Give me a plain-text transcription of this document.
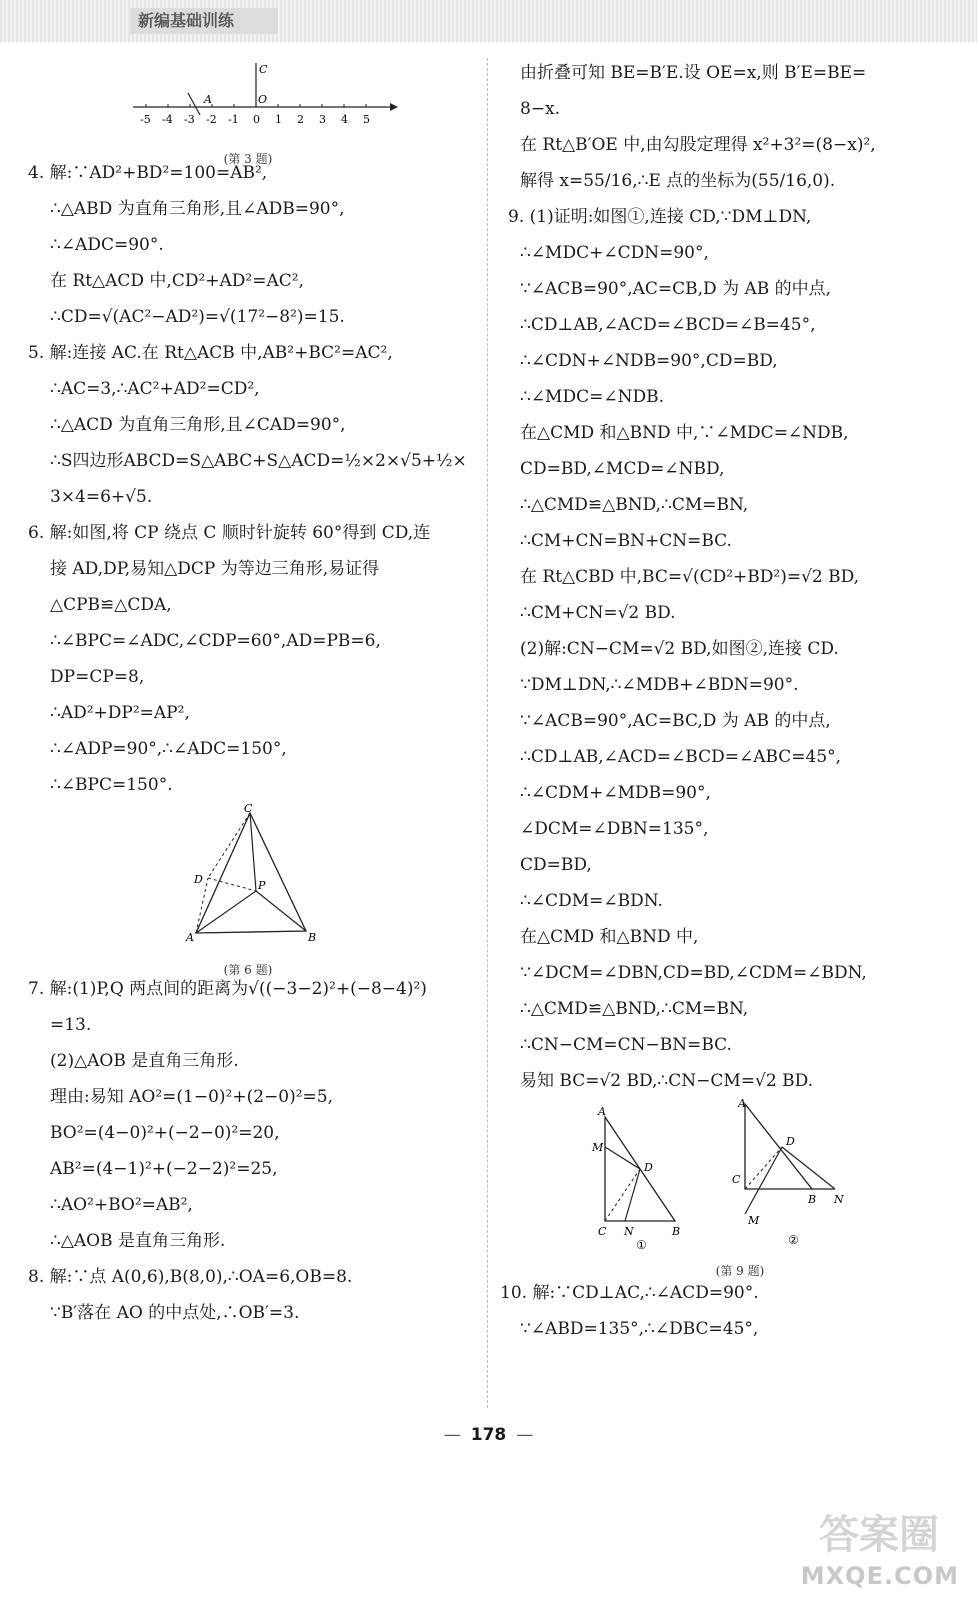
新编基础训练
C
A	O
-5 -4 -3 -2 -1 0 1 2 3 4 5
(第 3 题)
4. 解:∵AD²+BD²=100=AB²,
∴△ABD 为直角三角形,且∠ADB=90°,
∴∠ADC=90°.
在 Rt△ACD 中,CD²+AD²=AC²,
∴CD=√(AC²−AD²)=√(17²−8²)=15.
5. 解:连接 AC.在 Rt△ACB 中,AB²+BC²=AC²,
∴AC=3,∴AC²+AD²=CD²,
∴△ACD 为直角三角形,且∠CAD=90°,
∴S四边形ABCD=S△ABC+S△ACD=½×2×√5+½×
3×4=6+√5.
6. 解:如图,将 CP 绕点 C 顺时针旋转 60°得到 CD,连
接 AD,DP,易知△DCP 为等边三角形,易证得
△CPB≌△CDA,
∴∠BPC=∠ADC,∠CDP=60°,AD=PB=6,
DP=CP=8,
∴AD²+DP²=AP²,
∴∠ADP=90°,∴∠ADC=150°,
∴∠BPC=150°.
C
D	P
A	B
(第 6 题)
7. 解:(1)P,Q 两点间的距离为√((−3−2)²+(−8−4)²)
=13.
(2)△AOB 是直角三角形.
理由:易知 AO²=(1−0)²+(2−0)²=5,
BO²=(4−0)²+(−2−0)²=20,
AB²=(4−1)²+(−2−2)²=25,
∴AO²+BO²=AB²,
∴△AOB 是直角三角形.
8. 解:∵点 A(0,6),B(8,0),∴OA=6,OB=8.
∵B′落在 AO 的中点处,∴OB′=3.
由折叠可知 BE=B′E.设 OE=x,则 B′E=BE=
8−x.
在 Rt△B′OE 中,由勾股定理得 x²+3²=(8−x)²,
解得 x=55/16,∴E 点的坐标为(55/16,0).
9. (1)证明:如图①,连接 CD,∵DM⊥DN,
∴∠MDC+∠CDN=90°,
∵∠ACB=90°,AC=CB,D 为 AB 的中点,
∴CD⊥AB,∠ACD=∠BCD=∠B=45°,
∴∠CDN+∠NDB=90°,CD=BD,
∴∠MDC=∠NDB.
在△CMD 和△BND 中,∵∠MDC=∠NDB,
CD=BD,∠MCD=∠NBD,
∴△CMD≌△BND,∴CM=BN,
∴CM+CN=BN+CN=BC.
在 Rt△CBD 中,BC=√(CD²+BD²)=√2 BD,
∴CM+CN=√2 BD.
(2)解:CN−CM=√2 BD,如图②,连接 CD.
∵DM⊥DN,∴∠MDB+∠BDN=90°.
∵∠ACB=90°,AC=BC,D 为 AB 的中点,
∴CD⊥AB,∠ACD=∠BCD=∠ABC=45°,
∴∠CDM+∠MDB=90°,
∠DCM=∠DBN=135°,
CD=BD,
∴∠CDM=∠BDN.
在△CMD 和△BND 中,
∵∠DCM=∠DBN,CD=BD,∠CDM=∠BDN,
∴△CMD≌△BND,∴CM=BN,
∴CN−CM=CN−BN=BC.
易知 BC=√2 BD,∴CN−CM=√2 BD.
A
M
D
C N	B
①
A
D
C
B N
M
②
(第 9 题)
10. 解:∵CD⊥AC,∴∠ACD=90°.
∵∠ABD=135°,∴∠DBC=45°,
— 178 —
答案圈
MXQE.COM
